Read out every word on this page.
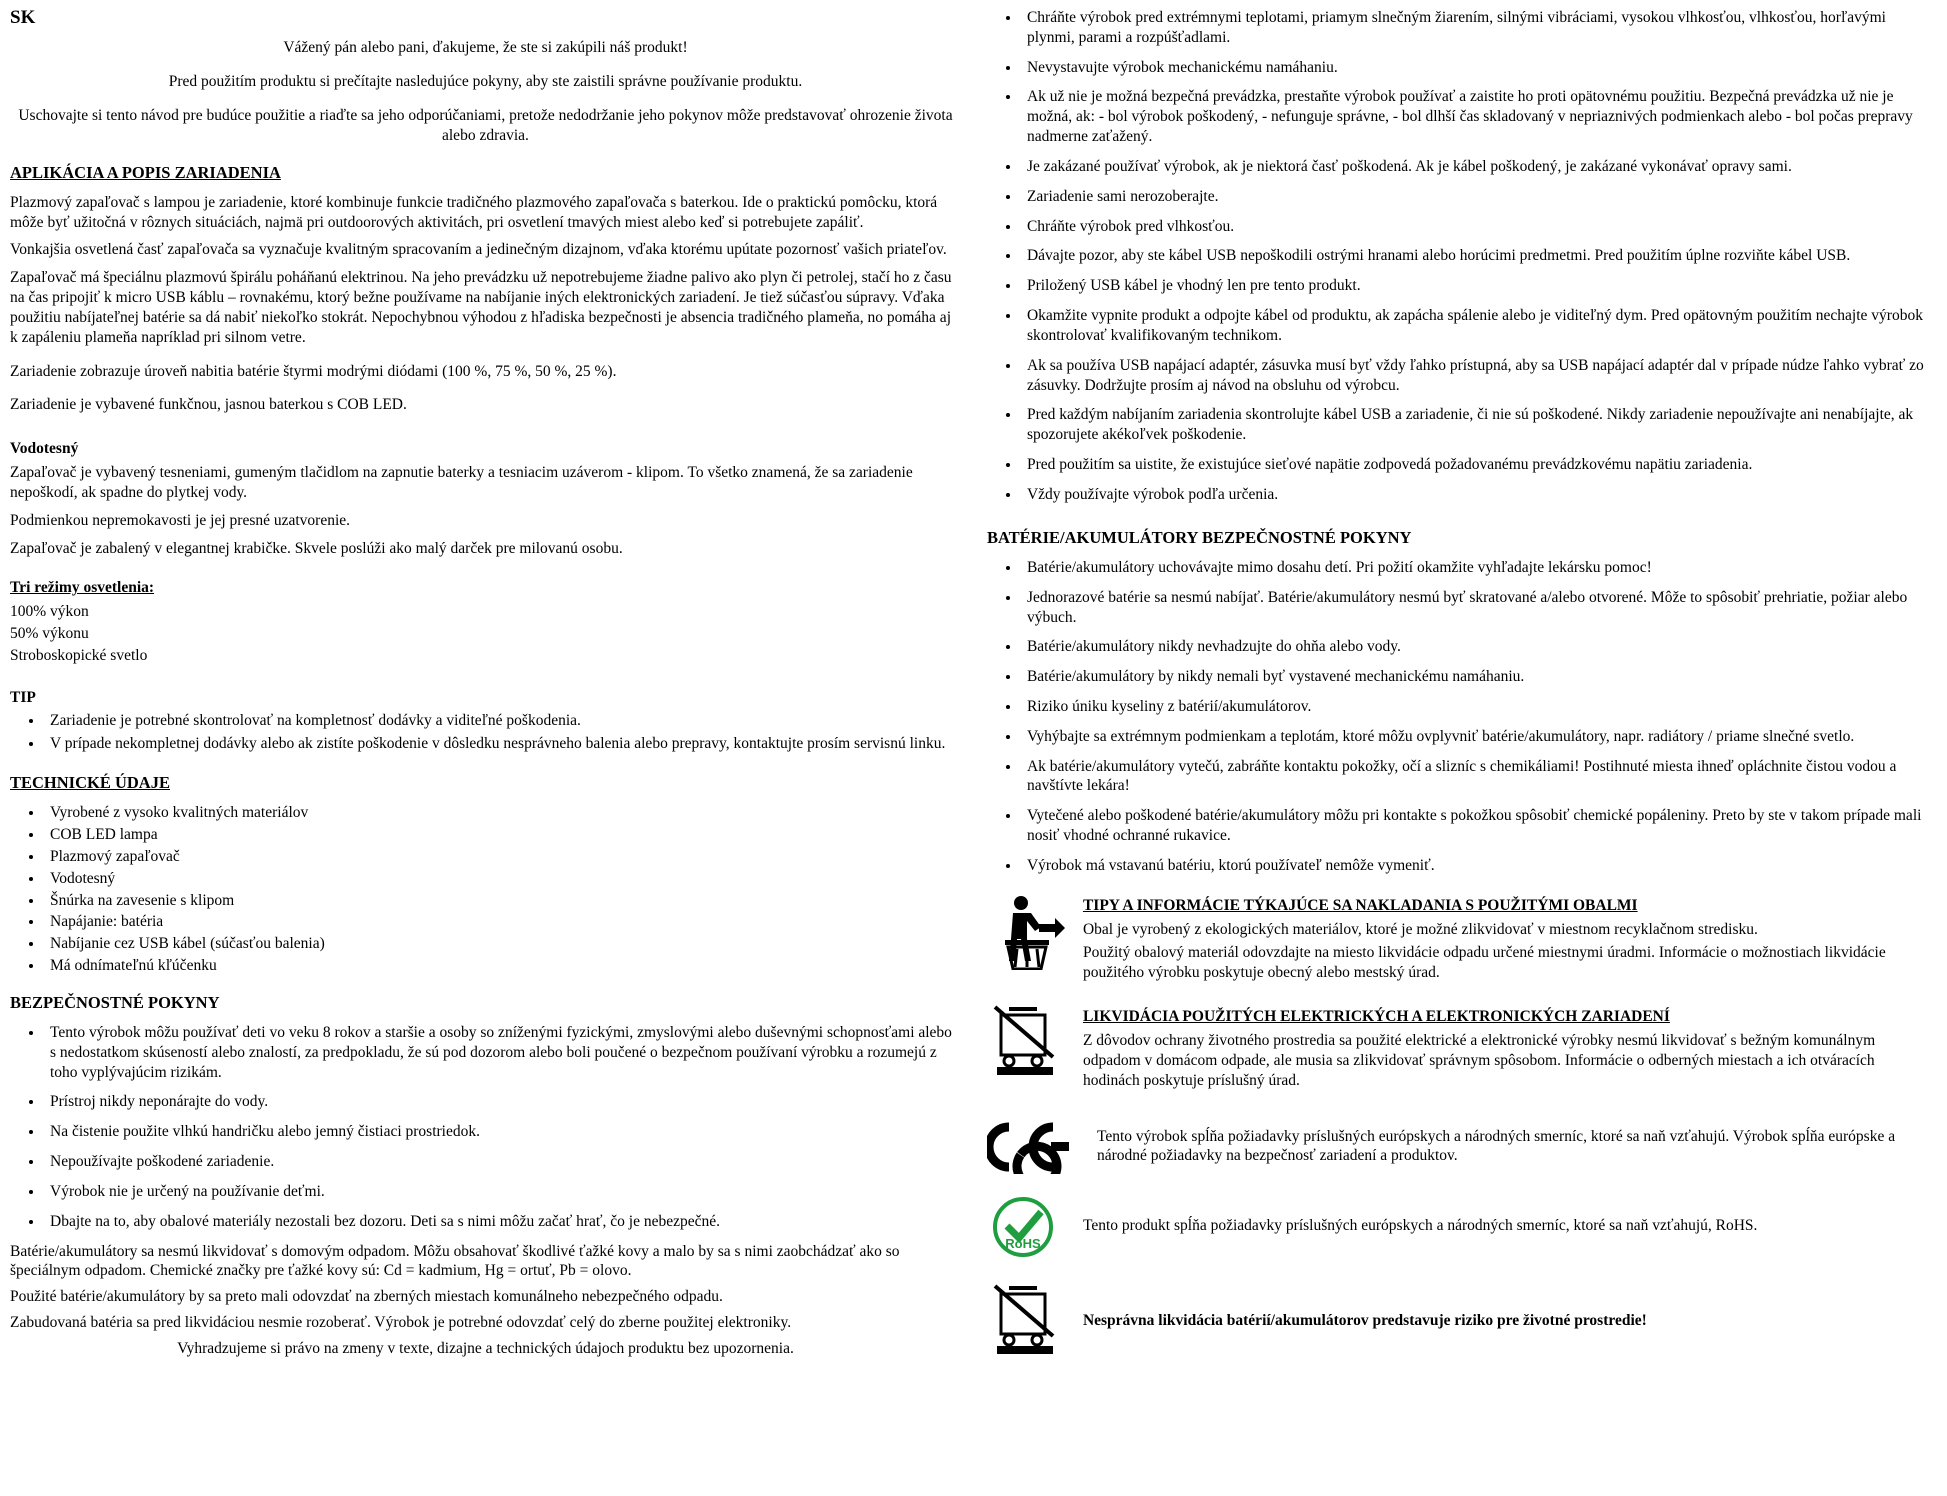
SK

Vážený pán alebo pani, ďakujeme, že ste si zakúpili náš produkt!

Pred použitím produktu si prečítajte nasledujúce pokyny, aby ste zaistili správne používanie produktu.

Uschovajte si tento návod pre budúce použitie a riaďte sa jeho odporúčaniami, pretože nedodržanie jeho pokynov môže predstavovať ohrozenie života alebo zdravia.

APLIKÁCIA A POPIS ZARIADENIA

Plazmový zapaľovač s lampou je zariadenie, ktoré kombinuje funkcie tradičného plazmového zapaľovača s baterkou. Ide o praktickú pomôcku, ktorá môže byť užitočná v rôznych situáciách, najmä pri outdoorových aktivitách, pri osvetlení tmavých miest alebo keď si potrebujete zapáliť.

Vonkajšia osvetlená časť zapaľovača sa vyznačuje kvalitným spracovaním a jedinečným dizajnom, vďaka ktorému upútate pozornosť vašich priateľov.

Zapaľovač má špeciálnu plazmovú špirálu poháňanú elektrinou. Na jeho prevádzku už nepotrebujeme žiadne palivo ako plyn či petrolej, stačí ho z času na čas pripojiť k micro USB káblu – rovnakému, ktorý bežne používame na nabíjanie iných elektronických zariadení. Je tiež súčasťou súpravy. Vďaka použitiu nabíjateľnej batérie sa dá nabiť niekoľko stokrát. Nepochybnou výhodou z hľadiska bezpečnosti je absencia tradičného plameňa, no pomáha aj k zapáleniu plameňa napríklad pri silnom vetre.

Zariadenie zobrazuje úroveň nabitia batérie štyrmi modrými diódami (100 %, 75 %, 50 %, 25 %).

Zariadenie je vybavené funkčnou, jasnou baterkou s COB LED.

Vodotesný

Zapaľovač je vybavený tesneniami, gumeným tlačidlom na zapnutie baterky a tesniacim uzáverom - klipom. To všetko znamená, že sa zariadenie nepoškodí, ak spadne do plytkej vody.

Podmienkou nepremokavosti je jej presné uzatvorenie.

Zapaľovač je zabalený v elegantnej krabičke. Skvele poslúži ako malý darček pre milovanú osobu.

Tri režimy osvetlenia:
100% výkon
50% výkonu
Stroboskopické svetlo
TIP
• Zariadenie je potrebné skontrolovať na kompletnosť dodávky a viditeľné poškodenia.
• V prípade nekompletnej dodávky alebo ak zistíte poškodenie v dôsledku nesprávneho balenia alebo prepravy, kontaktujte prosím servisnú linku.
TECHNICKÉ ÚDAJE
• Vyrobené z vysoko kvalitných materiálov
• COB LED lampa
• Plazmový zapaľovač
• Vodotesný
• Šnúrka na zavesenie s klipom
• Napájanie: batéria
• Nabíjanie cez USB kábel (súčasťou balenia)
• Má odnímateľnú kľúčenku
BEZPEČNOSTNÉ POKYNY
• Tento výrobok môžu používať deti vo veku 8 rokov a staršie a osoby so zníženými fyzickými, zmyslovými alebo duševnými schopnosťami alebo s nedostatkom skúseností alebo znalostí, za predpokladu, že sú pod dozorom alebo boli poučené o bezpečnom používaní výrobku a rozumejú z toho vyplývajúcim rizikám.
• Prístroj nikdy neponárajte do vody.
• Na čistenie použite vlhkú handričku alebo jemný čistiaci prostriedok.
• Nepoužívajte poškodené zariadenie.
• Výrobok nie je určený na používanie deťmi.
• Dbajte na to, aby obalové materiály nezostali bez dozoru. Deti sa s nimi môžu začať hrať, čo je nebezpečné.

Batérie/akumulátory sa nesmú likvidovať s domovým odpadom. Môžu obsahovať škodlivé ťažké kovy a malo by sa s nimi zaobchádzať ako so špeciálnym odpadom. Chemické značky pre ťažké kovy sú: Cd = kadmium, Hg = ortuť, Pb = olovo.

Použité batérie/akumulátory by sa preto mali odovzdať na zberných miestach komunálneho nebezpečného odpadu.

Zabudovaná batéria sa pred likvidáciou nesmie rozoberať. Výrobok je potrebné odovzdať celý do zberne použitej elektroniky.

Vyhradzujeme si právo na zmeny v texte, dizajne a technických údajoch produktu bez upozornenia.

• Chráňte výrobok pred extrémnymi teplotami, priamym slnečným žiarením, silnými vibráciami, vysokou vlhkosťou, vlhkosťou, horľavými plynmi, parami a rozpúšťadlami.
• Nevystavujte výrobok mechanickému namáhaniu.
• Ak už nie je možná bezpečná prevádzka, prestaňte výrobok používať a zaistite ho proti opätovnému použitiu. Bezpečná prevádzka už nie je možná, ak: - bol výrobok poškodený, - nefunguje správne, - bol dlhší čas skladovaný v nepriaznivých podmienkach alebo - bol počas prepravy nadmerne zaťažený.
• Je zakázané používať výrobok, ak je niektorá časť poškodená. Ak je kábel poškodený, je zakázané vykonávať opravy sami.
• Zariadenie sami nerozoberajte.
• Chráňte výrobok pred vlhkosťou.
• Dávajte pozor, aby ste kábel USB nepoškodili ostrými hranami alebo horúcimi predmetmi. Pred použitím úplne rozviňte kábel USB.
• Priložený USB kábel je vhodný len pre tento produkt.
• Okamžite vypnite produkt a odpojte kábel od produktu, ak zapácha spálenie alebo je viditeľný dym. Pred opätovným použitím nechajte výrobok skontrolovať kvalifikovaným technikom.
• Ak sa používa USB napájací adaptér, zásuvka musí byť vždy ľahko prístupná, aby sa USB napájací adaptér dal v prípade núdze ľahko vybrať zo zásuvky. Dodržujte prosím aj návod na obsluhu od výrobcu.
• Pred každým nabíjaním zariadenia skontrolujte kábel USB a zariadenie, či nie sú poškodené. Nikdy zariadenie nepoužívajte ani nenabíjajte, ak spozorujete akékoľvek poškodenie.
• Pred použitím sa uistite, že existujúce sieťové napätie zodpovedá požadovanému prevádzkovému napätiu zariadenia.
• Vždy používajte výrobok podľa určenia.
BATÉRIE/AKUMULÁTORY BEZPEČNOSTNÉ POKYNY
• Batérie/akumulátory uchovávajte mimo dosahu detí. Pri požití okamžite vyhľadajte lekársku pomoc!
• Jednorazové batérie sa nesmú nabíjať. Batérie/akumulátory nesmú byť skratované a/alebo otvorené. Môže to spôsobiť prehriatie, požiar alebo výbuch.
• Batérie/akumulátory nikdy nevhadzujte do ohňa alebo vody.
• Batérie/akumulátory by nikdy nemali byť vystavené mechanickému namáhaniu.
• Riziko úniku kyseliny z batérií/akumulátorov.
• Vyhýbajte sa extrémnym podmienkam a teplotám, ktoré môžu ovplyvniť batérie/akumulátory, napr. radiátory / priame slnečné svetlo.
• Ak batérie/akumulátory vytečú, zabráňte kontaktu pokožky, očí a slizníc s chemikáliami! Postihnuté miesta ihneď opláchnite čistou vodou a navštívte lekára!
• Vytečené alebo poškodené batérie/akumulátory môžu pri kontakte s pokožkou spôsobiť chemické popáleniny. Preto by ste v takom prípade mali nosiť vhodné ochranné rukavice.
• Výrobok má vstavanú batériu, ktorú používateľ nemôže vymeniť.
TIPY A INFORMÁCIE TÝKAJÚCE SA NAKLADANIA S POUŽITÝMI OBALMI

Obal je vyrobený z ekologických materiálov, ktoré je možné zlikvidovať v miestnom recyklačnom stredisku.

Použitý obalový materiál odovzdajte na miesto likvidácie odpadu určené miestnymi úradmi. Informácie o možnostiach likvidácie použitého výrobku poskytuje obecný alebo mestský úrad.

LIKVIDÁCIA POUŽITÝCH ELEKTRICKÝCH A ELEKTRONICKÝCH ZARIADENÍ

Z dôvodov ochrany životného prostredia sa použité elektrické a elektronické výrobky nesmú likvidovať s bežným komunálnym odpadom v domácom odpade, ale musia sa zlikvidovať správnym spôsobom. Informácie o odberných miestach a ich otváracích hodinách poskytuje príslušný úrad.

Tento výrobok spĺňa požiadavky príslušných európskych a národných smerníc, ktoré sa naň vzťahujú. Výrobok spĺňa európske a národné požiadavky na bezpečnosť zariadení a produktov.

RoHS

Tento produkt spĺňa požiadavky príslušných európskych a národných smerníc, ktoré sa naň vzťahujú, RoHS.

Nesprávna likvidácia batérií/akumulátorov predstavuje riziko pre životné prostredie!
